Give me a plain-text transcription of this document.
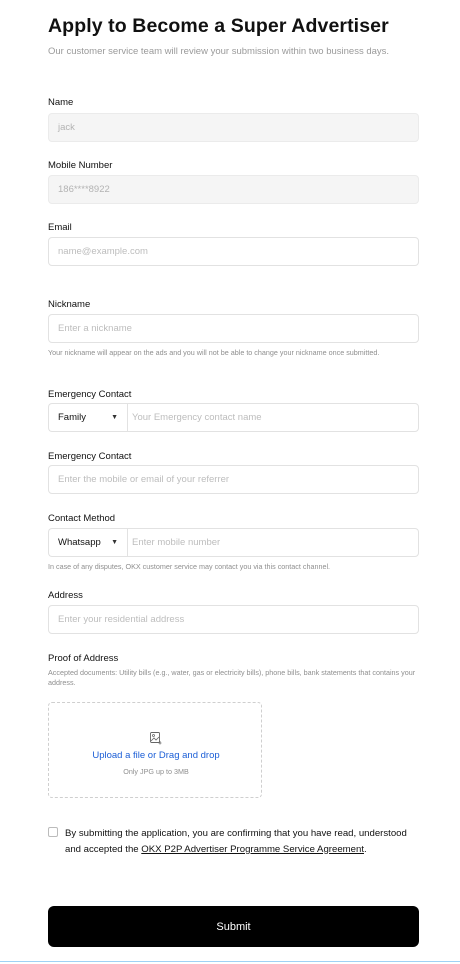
Apply to Become a Super Advertiser
Our customer service team will review your submission within two business days.
Name
jack
Mobile Number
186****8922
Email
name@example.com
Nickname
Enter a nickname
Your nickname will appear on the ads and you will not be able to change your nickname once submitted.
Emergency Contact
Family	▼ Your Emergency contact name
Emergency Contact
Enter the mobile or email of your referrer
Contact Method
Whatsapp ▼ Enter mobile number
In case of any disputes, OKX customer service may contact you via this contact channel.
Address
Enter your residential address
Proof of Address
Accepted documents: Utility bills (e.g., water, gas or electricity bills), phone bills, bank statements that contains your address.
Upload a file or Drag and drop
Only JPG up to 3MB
By submitting the application, you are confirming that you have read, understood and accepted the OKX P2P Advertiser Programme Service Agreement.
Submit
